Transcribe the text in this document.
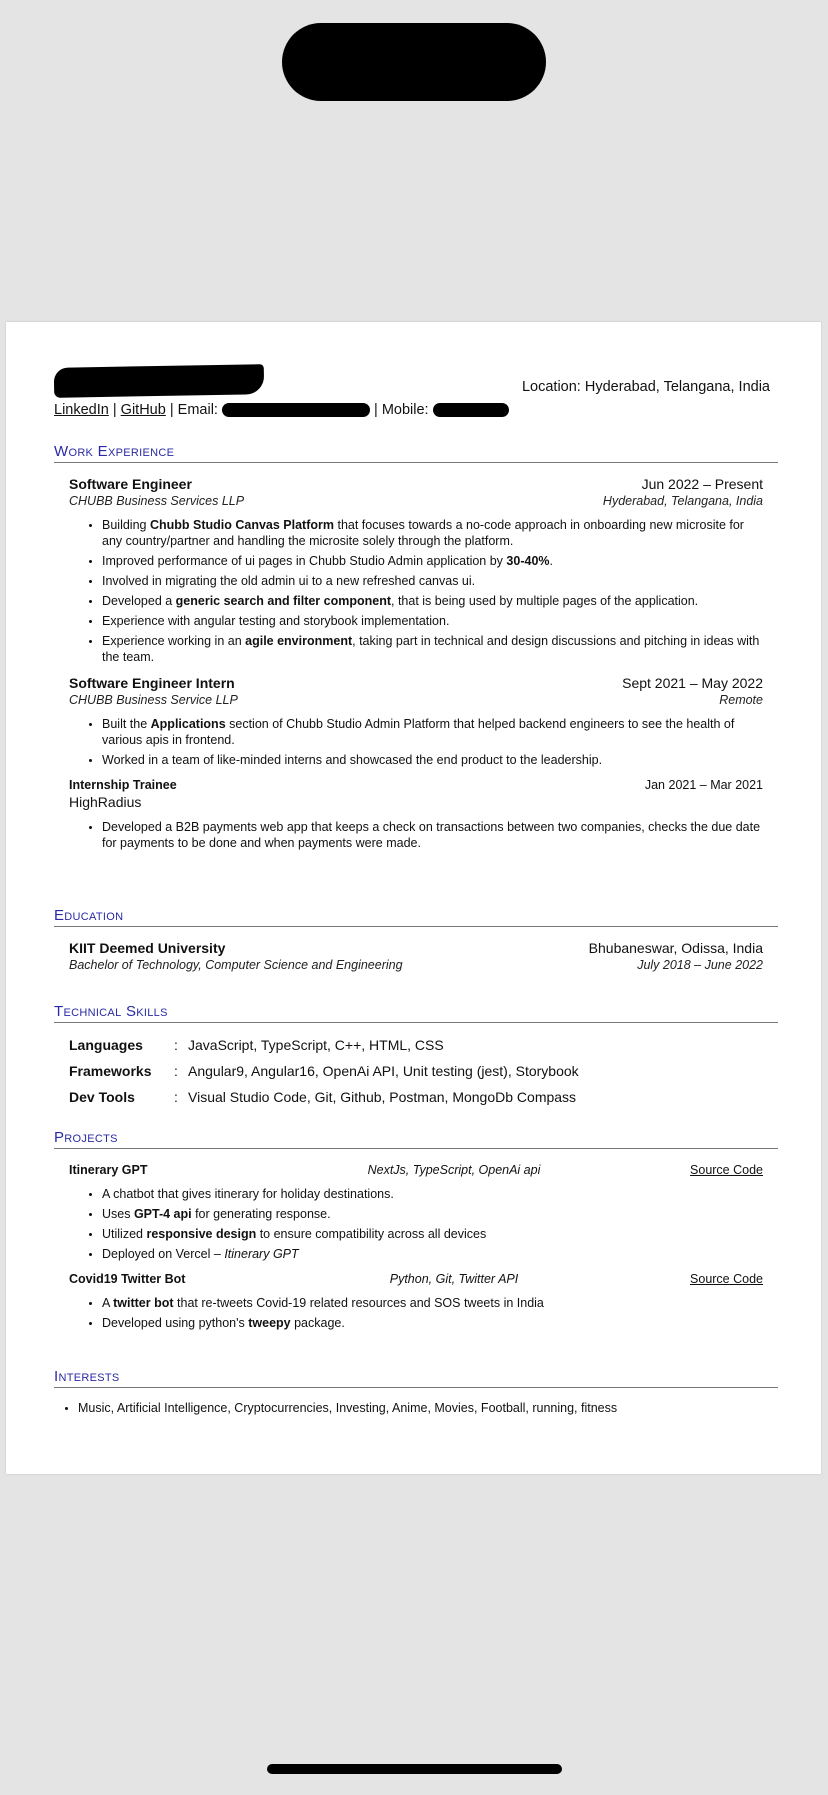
Location: Hyderabad, Telangana, India
LinkedIn | GitHub | Email:	| Mobile:
Work Experience
Software Engineer	Jun 2022 – Present
CHUBB Business Services LLP	Hyderabad, Telangana, India
• Building Chubb Studio Canvas Platform that focuses towards a no-code approach in onboarding new microsite for any country/partner and handling the microsite solely through the platform.
• Improved performance of ui pages in Chubb Studio Admin application by 30-40%.
• Involved in migrating the old admin ui to a new refreshed canvas ui.
• Developed a generic search and filter component, that is being used by multiple pages of the application.
• Experience with angular testing and storybook implementation.
• Experience working in an agile environment, taking part in technical and design discussions and pitching in ideas with the team.
Software Engineer Intern	Sept 2021 – May 2022
CHUBB Business Service LLP	Remote
• Built the Applications section of Chubb Studio Admin Platform that helped backend engineers to see the health of various apis in frontend.
• Worked in a team of like-minded interns and showcased the end product to the leadership.
Internship Trainee	Jan 2021 – Mar 2021
HighRadius
• Developed a B2B payments web app that keeps a check on transactions between two companies, checks the due date for payments to be done and when payments were made.
Education
KIIT Deemed University	Bhubaneswar, Odissa, India
Bachelor of Technology, Computer Science and Engineering	July 2018 – June 2022
Technical Skills
Languages	: JavaScript, TypeScript, C++, HTML, CSS
Frameworks	: Angular9, Angular16, OpenAi API, Unit testing (jest), Storybook
Dev Tools	: Visual Studio Code, Git, Github, Postman, MongoDb Compass
Projects
Itinerary GPT	NextJs, TypeScript, OpenAi api	Source Code
• A chatbot that gives itinerary for holiday destinations.
• Uses GPT-4 api for generating response.
• Utilized responsive design to ensure compatibility across all devices
• Deployed on Vercel – Itinerary GPT
Covid19 Twitter Bot	Python, Git, Twitter API	Source Code
• A twitter bot that re-tweets Covid-19 related resources and SOS tweets in India
• Developed using python's tweepy package.
Interests
• Music, Artificial Intelligence, Cryptocurrencies, Investing, Anime, Movies, Football, running, fitness
